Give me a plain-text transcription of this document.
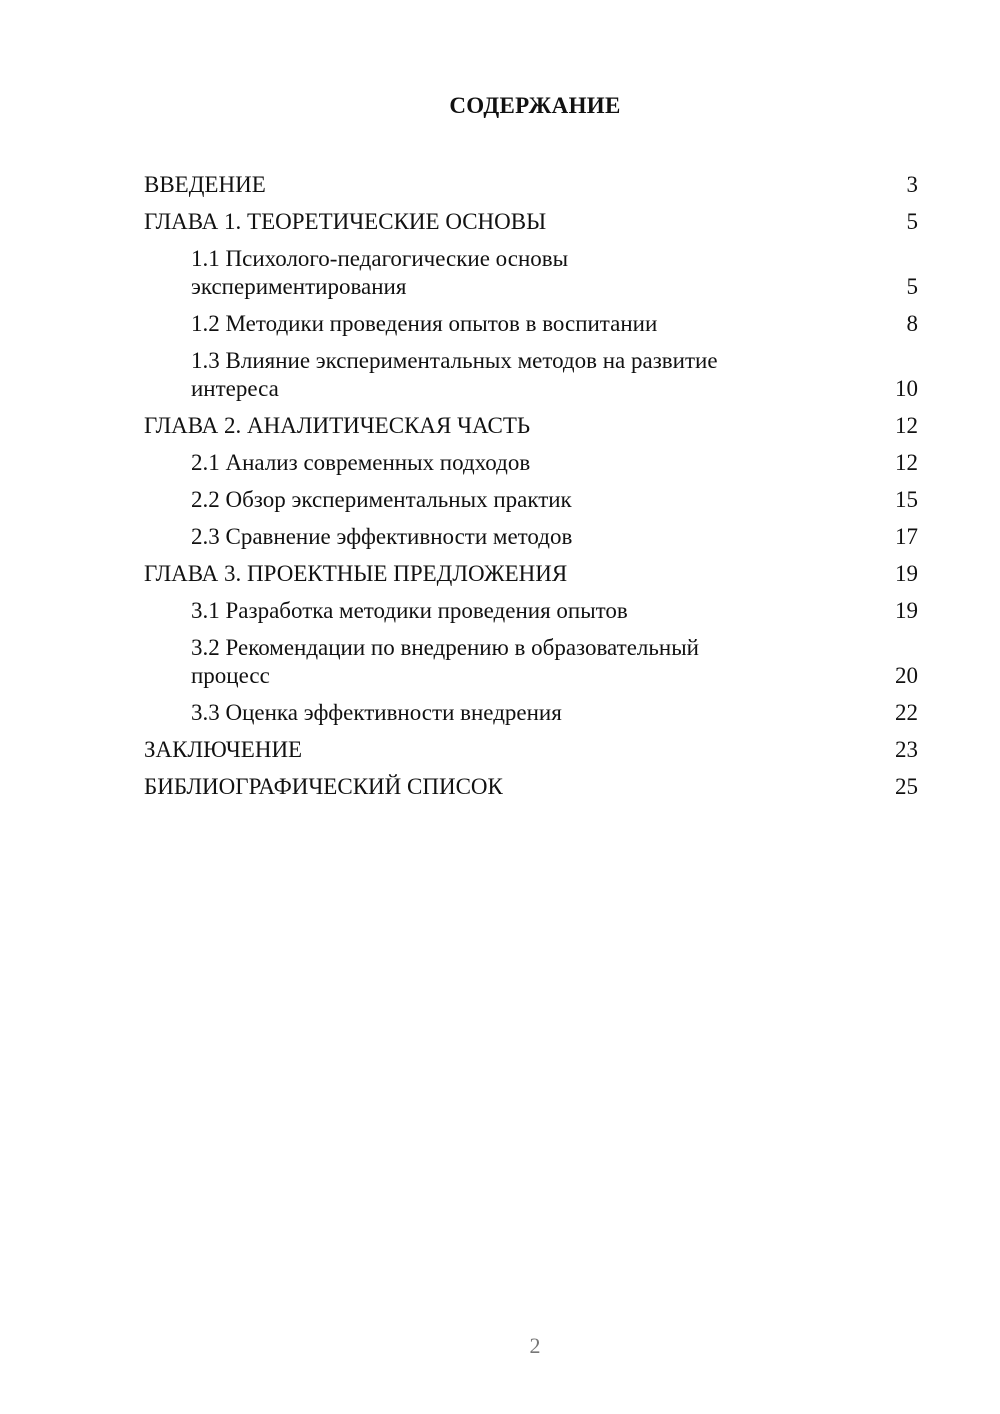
СОДЕРЖАНИЕ
ВВЕДЕНИЕ	3
ГЛАВА 1. ТЕОРЕТИЧЕСКИЕ ОСНОВЫ	5
1.1 Психолого-педагогические основы экспериментирования	5
1.2 Методики проведения опытов в воспитании	8
1.3 Влияние экспериментальных методов на развитие интереса	10
ГЛАВА 2. АНАЛИТИЧЕСКАЯ ЧАСТЬ	12
2.1 Анализ современных подходов	12
2.2 Обзор экспериментальных практик	15
2.3 Сравнение эффективности методов	17
ГЛАВА 3. ПРОЕКТНЫЕ ПРЕДЛОЖЕНИЯ	19
3.1 Разработка методики проведения опытов	19
3.2 Рекомендации по внедрению в образовательный процесс	20
3.3 Оценка эффективности внедрения	22
ЗАКЛЮЧЕНИЕ	23
БИБЛИОГРАФИЧЕСКИЙ СПИСОК	25
2
